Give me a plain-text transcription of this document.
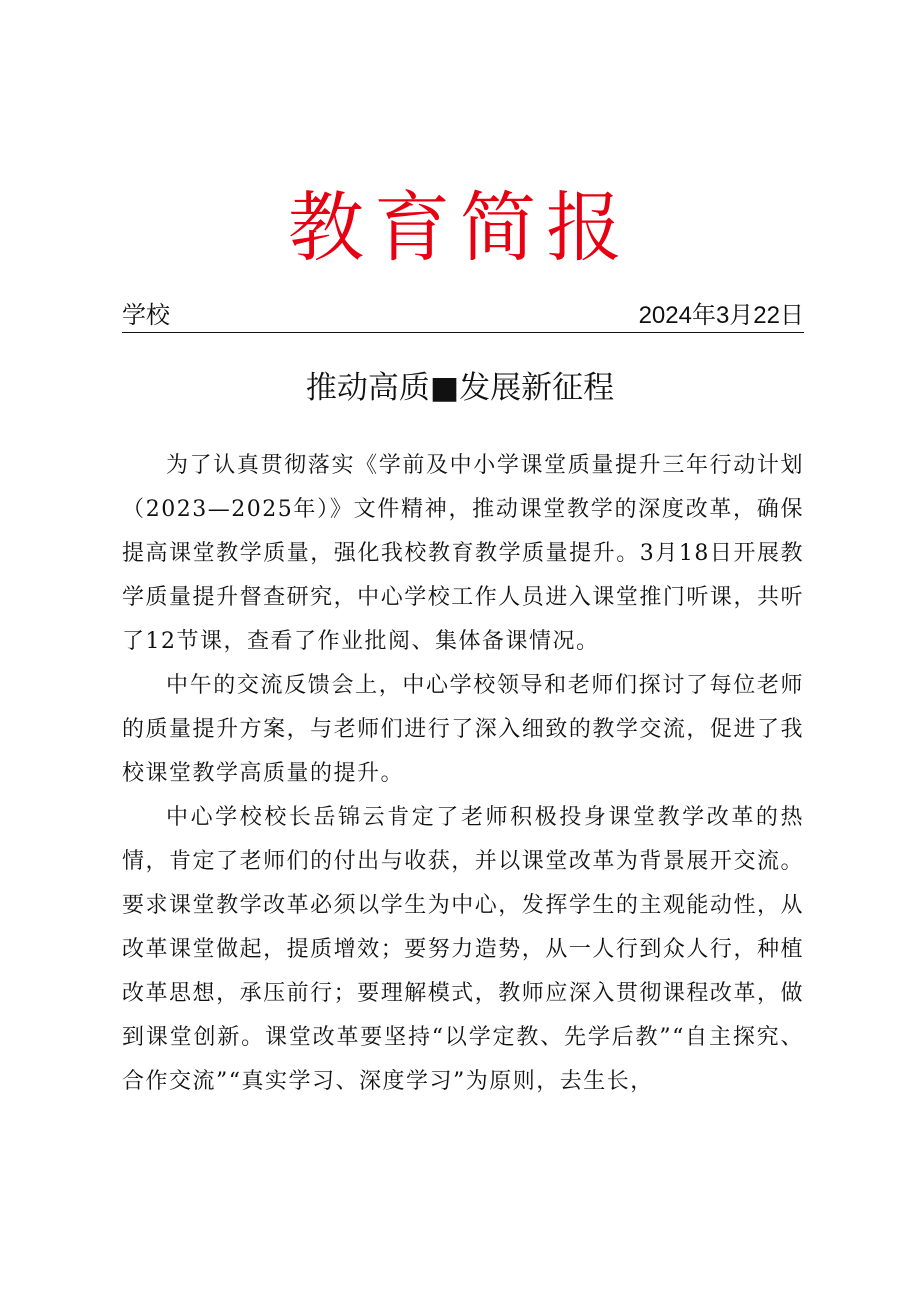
教育简报
学校	2024年3月22日
推动高质■发展新征程

为了认真贯彻落实《学前及中小学课堂质量提升三年行动计划（2023—2025年）》文件精神，推动课堂教学的深度改革，确保提高课堂教学质量，强化我校教育教学质量提升。3月18日开展教学质量提升督查研究，中心学校工作人员进入课堂推门听课，共听了12节课，查看了作业批阅、集体备课情况。

中午的交流反馈会上，中心学校领导和老师们探讨了每位老师的质量提升方案，与老师们进行了深入细致的教学交流，促进了我校课堂教学高质量的提升。

中心学校校长岳锦云肯定了老师积极投身课堂教学改革的热情，肯定了老师们的付出与收获，并以课堂改革为背景展开交流。要求课堂教学改革必须以学生为中心，发挥学生的主观能动性，从改革课堂做起，提质增效；要努力造势，从一人行到众人行，种植改革思想，承压前行；要理解模式，教师应深入贯彻课程改革，做到课堂创新。课堂改革要坚持“以学定教、先学后教”“自主探究、合作交流”“真实学习、深度学习”为原则，去生长，
